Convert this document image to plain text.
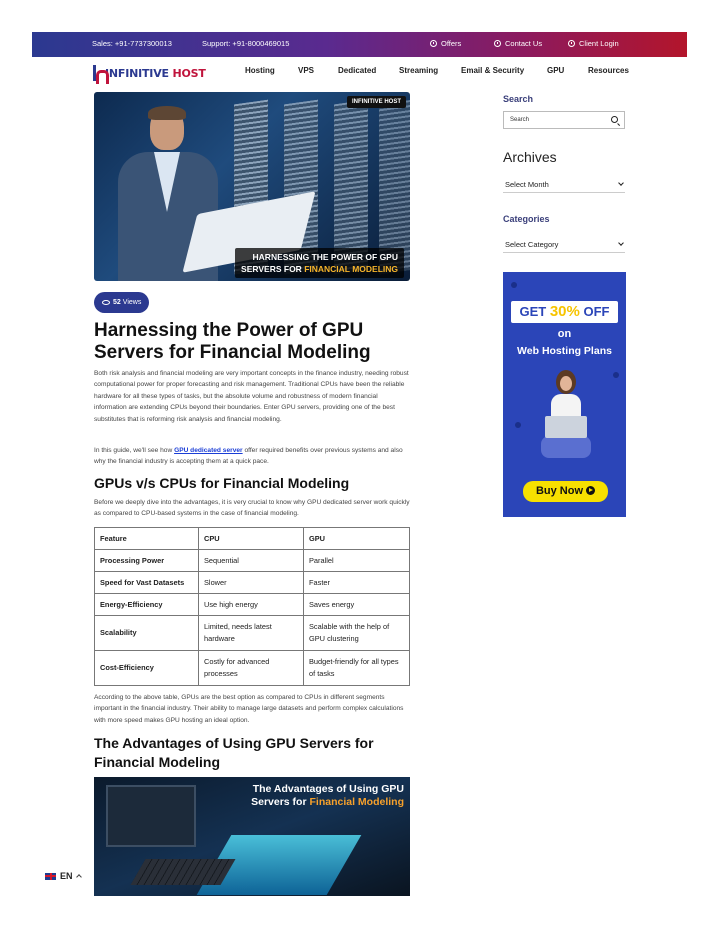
Sales: +91-7737300013	Support: +91-8000469015	Offers	Contact Us	Client Login
INFINITIVE HOST	Hosting	VPS	Dedicated	Streaming	Email & Security	GPU	Resources
INFINITIVE HOST
HARNESSING THE POWER OF GPU
SERVERS FOR FINANCIAL MODELING
52 Views
Harnessing the Power of GPU Servers for Financial Modeling

Both risk analysis and financial modeling are very important concepts in the finance industry, needing robust computational power for proper forecasting and risk management. Traditional CPUs have been the reliable hardware for all these types of tasks, but the absolute volume and robustness of modern financial information are extending CPUs beyond their boundaries. Enter GPU servers, providing one of the best substitutes that is reforming risk analysis and financial modeling.

In this guide, we'll see how GPU dedicated server offer required benefits over previous systems and also why the financial industry is accepting them at a quick pace.

GPUs v/s CPUs for Financial Modeling

Before we deeply dive into the advantages, it is very crucial to know why GPU dedicated server work quickly as compared to CPU-based systems in the case of financial modeling.

Feature	CPU	GPU
Processing Power	Sequential	Parallel
Speed for Vast Datasets	Slower	Faster
Energy-Efficiency	Use high energy	Saves energy
Scalability	Limited, needs latest hardware	Scalable with the help of GPU clustering
Cost-Efficiency	Costly for advanced processes	Budget-friendly for all types of tasks

According to the above table, GPUs are the best option as compared to CPUs in different segments important in the financial industry. Their ability to manage large datasets and perform complex calculations with more speed makes GPU hosting an ideal option.

The Advantages of Using GPU Servers for Financial Modeling
The Advantages of Using GPU
Servers for Financial Modeling
Search
Search
Archives
Select Month
Categories
Select Category
GET 30% OFF
on
Web Hosting Plans
Buy Now
EN
